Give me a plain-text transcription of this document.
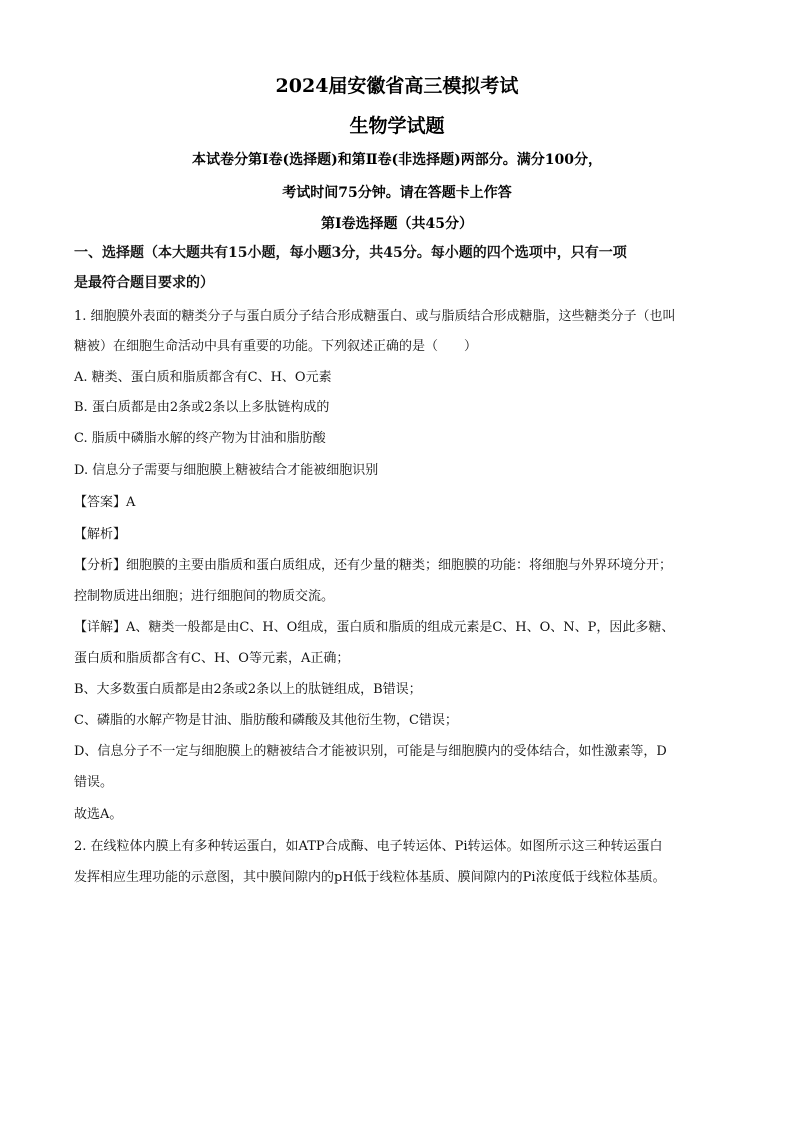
2024届安徽省高三模拟考试
生物学试题
本试卷分第Ⅰ卷(选择题)和第Ⅱ卷(非选择题)两部分。满分100分，
考试时间75分钟。请在答题卡上作答
第Ⅰ卷选择题（共45分）
一、选择题（本大题共有15小题，每小题3分，共45分。每小题的四个选项中，只有一项
是最符合题目要求的）
1. 细胞膜外表面的糖类分子与蛋白质分子结合形成糖蛋白、或与脂质结合形成糖脂，这些糖类分子（也叫
糖被）在细胞生命活动中具有重要的功能。下列叙述正确的是（　　）
A. 糖类、蛋白质和脂质都含有C、H、O元素
B. 蛋白质都是由2条或2条以上多肽链构成的
C. 脂质中磷脂水解的终产物为甘油和脂肪酸
D. 信息分子需要与细胞膜上糖被结合才能被细胞识别
【答案】A
【解析】
【分析】细胞膜的主要由脂质和蛋白质组成，还有少量的糖类；细胞膜的功能：将细胞与外界环境分开；
控制物质进出细胞；进行细胞间的物质交流。
【详解】A、糖类一般都是由C、H、O组成，蛋白质和脂质的组成元素是C、H、O、N、P，因此多糖、
蛋白质和脂质都含有C、H、O等元素，A正确；
B、大多数蛋白质都是由2条或2条以上的肽链组成，B错误；
C、磷脂的水解产物是甘油、脂肪酸和磷酸及其他衍生物，C错误；
D、信息分子不一定与细胞膜上的糖被结合才能被识别，可能是与细胞膜内的受体结合，如性激素等，D
错误。
故选A。
2. 在线粒体内膜上有多种转运蛋白，如ATP合成酶、电子转运体、Pi转运体。如图所示这三种转运蛋白
发挥相应生理功能的示意图，其中膜间隙内的pH低于线粒体基质、膜间隙内的Pi浓度低于线粒体基质。
